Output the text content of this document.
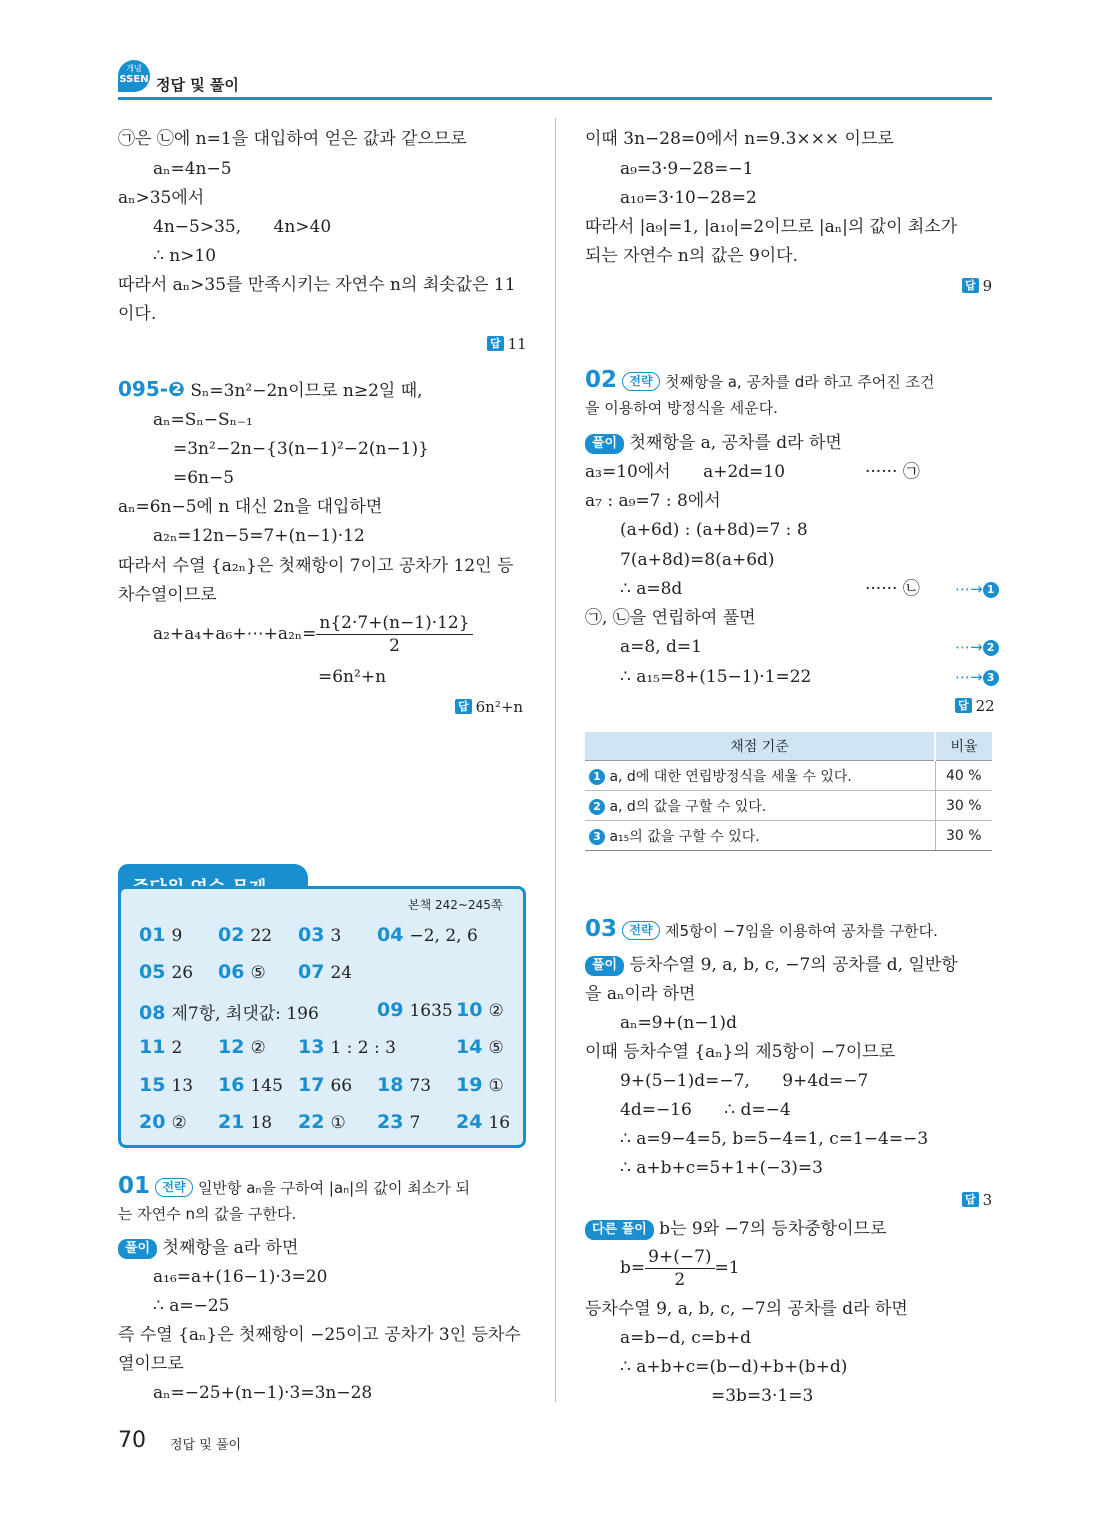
개념
SSEN 정답 및 풀이
㉠은 ㉡에 n=1을 대입하여 얻은 값과 같으므로
aₙ=4n−5
aₙ>35에서
4n−5>35,      4n>40
∴ n>10
따라서 aₙ>35를 만족시키는 자연수 n의 최솟값은 11
이다.
답 11
095-❷ Sₙ=3n²−2n이므로 n≥2일 때,
aₙ=Sₙ−Sₙ₋₁
=3n²−2n−{3(n−1)²−2(n−1)}
=6n−5
aₙ=6n−5에 n 대신 2n을 대입하면
a₂ₙ=12n−5=7+(n−1)·12
따라서 수열 {a₂ₙ}은 첫째항이 7이고 공차가 12인 등
차수열이므로
a₂+a₄+a₆+⋯+a₂ₙ= $\frac{n\{2\cdot 7+(n-1)\cdot 12\}}{2}$
=6n²+n
답 6n²+n
본책 242~245쪽
01 9 02 22 03 3 04 −2, 2, 6
05 26 06 ⑤ 07 24
08 제7항, 최댓값: 196	09 1635 10 ②
11 2 12 ② 13 1 : 2 : 3	14 ⑤
15 13 16 145 17 66 18 73 19 ①
20 ② 21 18 22 ① 23 7 24 16
01 전략 일반항 aₙ을 구하여 |aₙ|의 값이 최소가 되
는 자연수 n의 값을 구한다.
풀이 첫째항을 a라 하면
a₁₆=a+(16−1)·3=20
∴ a=−25
즉 수열 {aₙ}은 첫째항이 −25이고 공차가 3인 등차수
열이므로
aₙ=−25+(n−1)·3=3n−28
이때 3n−28=0에서 n=9.3××× 이므로
a₉=3·9−28=−1
a₁₀=3·10−28=2
따라서 |a₉|=1, |a₁₀|=2이므로 |aₙ|의 값이 최소가
되는 자연수 n의 값은 9이다.
답 9
02 전략 첫째항을 a, 공차를 d라 하고 주어진 조건
을 이용하여 방정식을 세운다.
풀이 첫째항을 a, 공차를 d라 하면
a₃=10에서      a+2d=10	······ ㉠
a₇ : a₉=7 : 8에서
(a+6d) : (a+8d)=7 : 8
7(a+8d)=8(a+6d)
∴ a=8d	······ ㉡ ⋯→ 1
㉠, ㉡을 연립하여 풀면
a=8, d=1	⋯→ 2
∴ a₁₅=8+(15−1)·1=22	⋯→ 3
답 22
채점 기준	비율
1 a, d에 대한 연립방정식을 세울 수 있다.	40 %
2 a, d의 값을 구할 수 있다.	30 %
3 a₁₅의 값을 구할 수 있다.	30 %
03 전략 제5항이 −7임을 이용하여 공차를 구한다.
풀이 등차수열 9, a, b, c, −7의 공차를 d, 일반항
을 aₙ이라 하면
aₙ=9+(n−1)d
이때 등차수열 {aₙ}의 제5항이 −7이므로
9+(5−1)d=−7,      9+4d=−7
4d=−16      ∴ d=−4
∴ a=9−4=5, b=5−4=1, c=1−4=−3
∴ a+b+c=5+1+(−3)=3
답 3
다른 풀이 b는 9와 −7의 등차중항이므로
$b= \frac{9+(-7)}{2} =1$
등차수열 9, a, b, c, −7의 공차를 d라 하면
a=b−d, c=b+d
∴ a+b+c=(b−d)+b+(b+d)
=3b=3·1=3
70 정답 및 풀이
